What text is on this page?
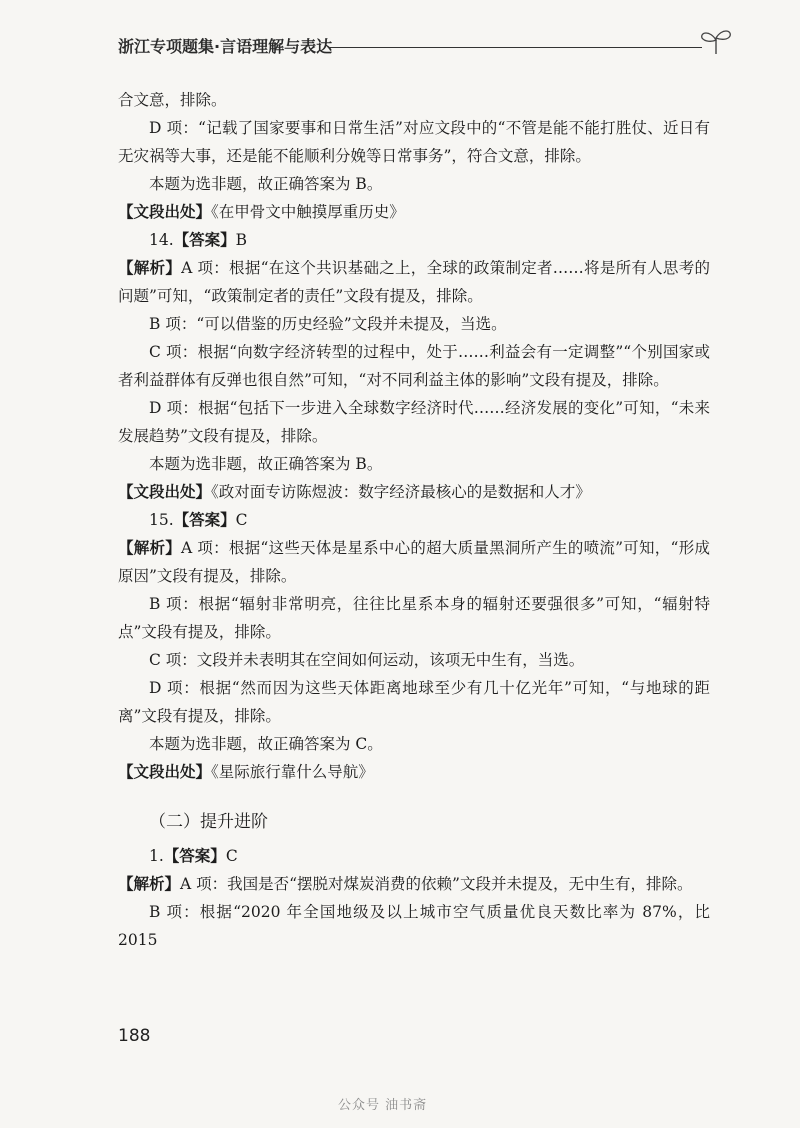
浙江专项题集·言语理解与表达

合文意，排除。

D 项：“记载了国家要事和日常生活”对应文段中的“不管是能不能打胜仗、近日有无灾祸等大事，还是能不能顺利分娩等日常事务”，符合文意，排除。

本题为选非题，故正确答案为 B。

【文段出处】《在甲骨文中触摸厚重历史》

14.【答案】B

【解析】A 项：根据“在这个共识基础之上，全球的政策制定者……将是所有人思考的问题”可知，“政策制定者的责任”文段有提及，排除。

B 项：“可以借鉴的历史经验”文段并未提及，当选。

C 项：根据“向数字经济转型的过程中，处于……利益会有一定调整”“个别国家或者利益群体有反弹也很自然”可知，“对不同利益主体的影响”文段有提及，排除。

D 项：根据“包括下一步进入全球数字经济时代……经济发展的变化”可知，“未来发展趋势”文段有提及，排除。

本题为选非题，故正确答案为 B。

【文段出处】《政对面专访陈煜波：数字经济最核心的是数据和人才》

15.【答案】C

【解析】A 项：根据“这些天体是星系中心的超大质量黑洞所产生的喷流”可知，“形成原因”文段有提及，排除。

B 项：根据“辐射非常明亮，往往比星系本身的辐射还要强很多”可知，“辐射特点”文段有提及，排除。

C 项：文段并未表明其在空间如何运动，该项无中生有，当选。

D 项：根据“然而因为这些天体距离地球至少有几十亿光年”可知，“与地球的距离”文段有提及，排除。

本题为选非题，故正确答案为 C。

【文段出处】《星际旅行靠什么导航》

（二）提升进阶

1.【答案】C

【解析】A 项：我国是否“摆脱对煤炭消费的依赖”文段并未提及，无中生有，排除。

B 项：根据“2020 年全国地级及以上城市空气质量优良天数比率为 87%，比 2015

188
公众号 油书斋
